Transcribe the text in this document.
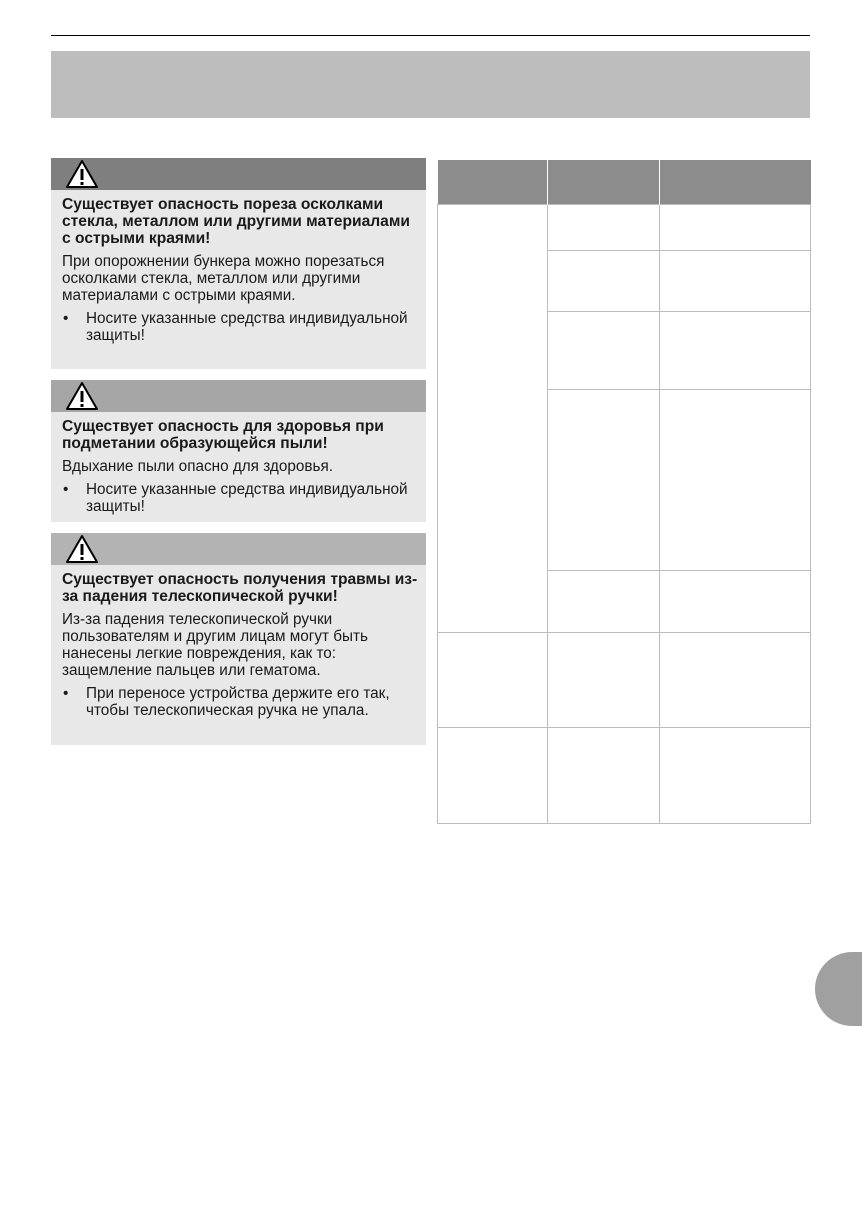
Существует опасность пореза осколками стекла, металлом или другими материалами с острыми краями!

При опорожнении бункера можно порезаться осколками стекла, металлом или другими материалами с острыми краями.

• Носите указанные средства индивидуальной защиты!

Существует опасность для здоровья при подметании образующейся пыли!

Вдыхание пыли опасно для здоровья.

• Носите указанные средства индивидуальной защиты!

Существует опасность получения травмы из-за падения телескопической ручки!

Из-за падения телескопической ручки пользователям и другим лицам могут быть нанесены легкие повреждения, как то: защемление пальцев или гематома.

• При переносе устройства держите его так, чтобы телескопическая ручка не упала.
